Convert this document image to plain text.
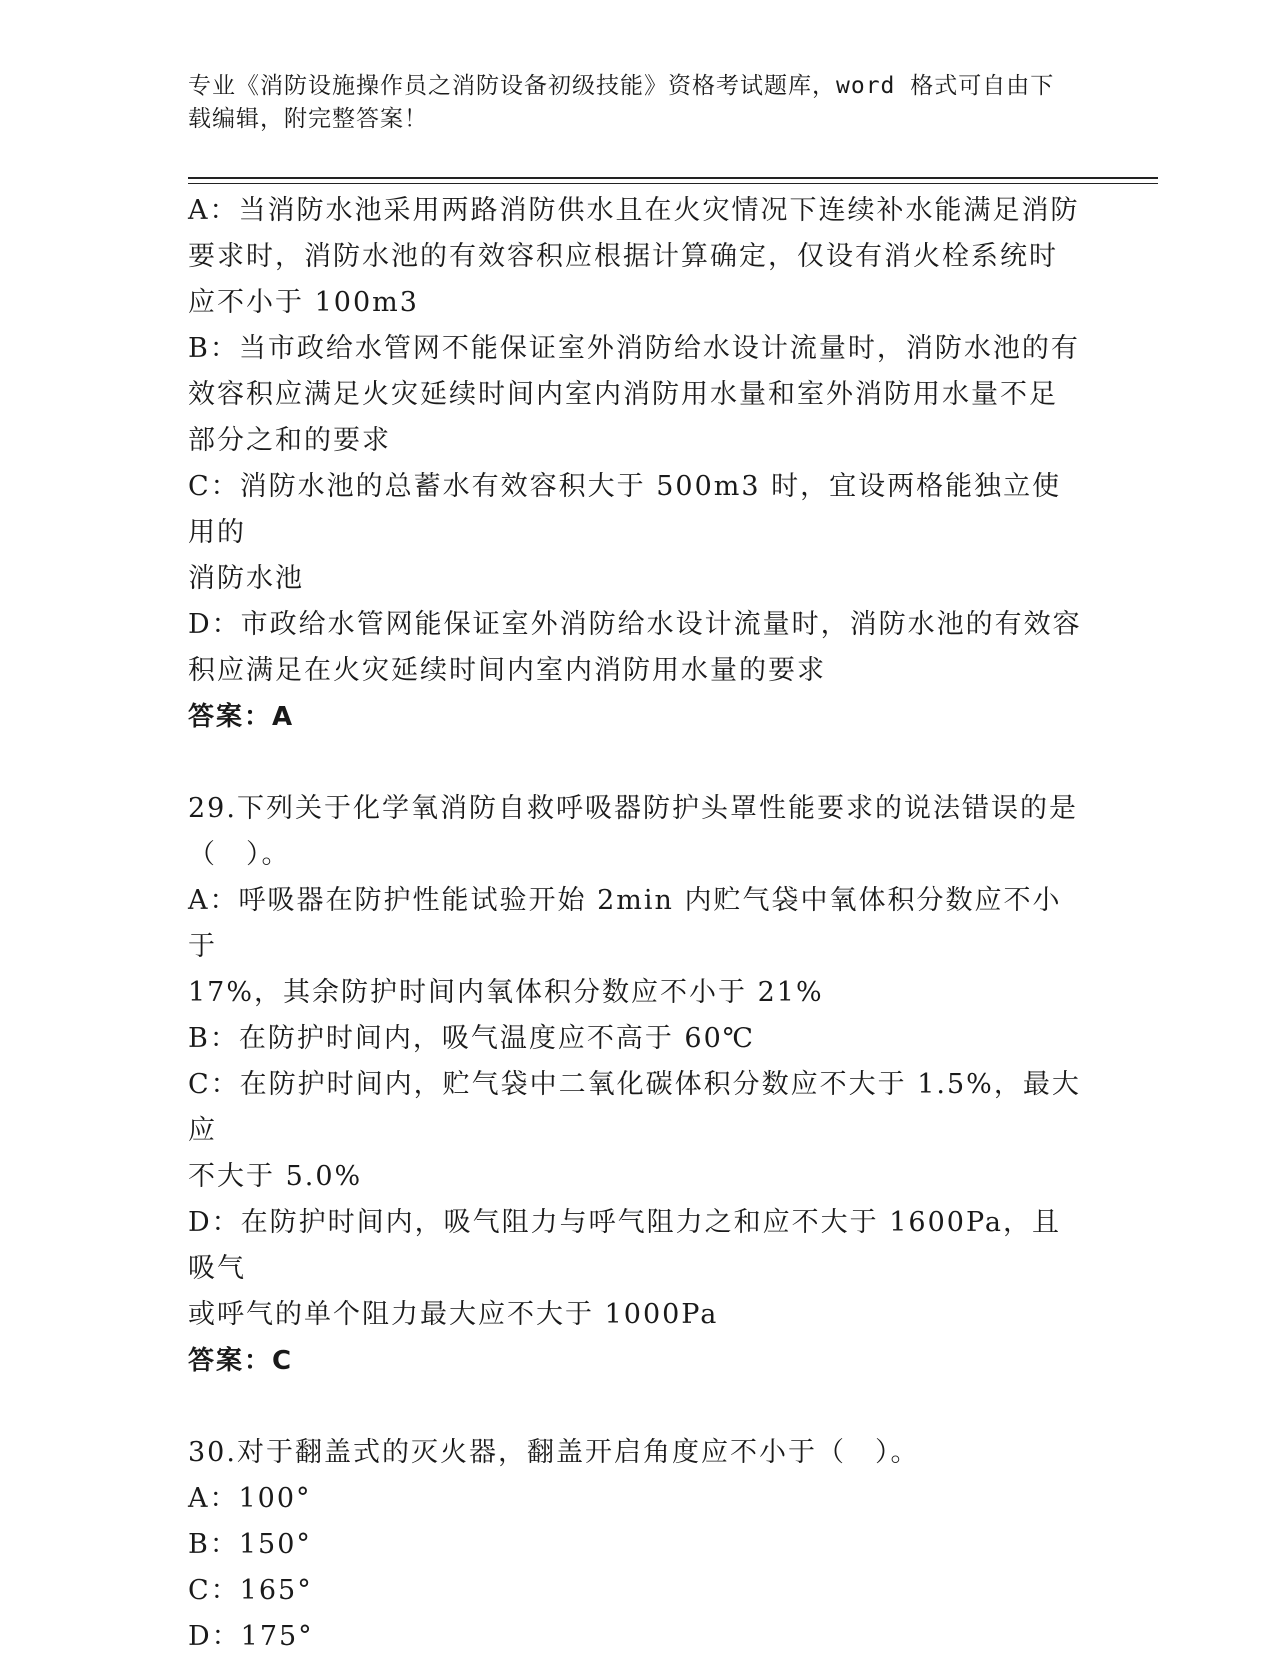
专业《消防设施操作员之消防设备初级技能》资格考试题库，word 格式可自由下
载编辑，附完整答案！
A：当消防水池采用两路消防供水且在火灾情况下连续补水能满足消防
要求时，消防水池的有效容积应根据计算确定，仅设有消火栓系统时
应不小于 100m3
B：当市政给水管网不能保证室外消防给水设计流量时，消防水池的有
效容积应满足火灾延续时间内室内消防用水量和室外消防用水量不足
部分之和的要求
C：消防水池的总蓄水有效容积大于 500m3 时，宜设两格能独立使用的
消防水池
D：市政给水管网能保证室外消防给水设计流量时，消防水池的有效容
积应满足在火灾延续时间内室内消防用水量的要求
答案：A
29.下列关于化学氧消防自救呼吸器防护头罩性能要求的说法错误的是
（　）。
A：呼吸器在防护性能试验开始 2min 内贮气袋中氧体积分数应不小于
17%，其余防护时间内氧体积分数应不小于 21%
B：在防护时间内，吸气温度应不高于 60℃
C：在防护时间内，贮气袋中二氧化碳体积分数应不大于 1.5%，最大应
不大于 5.0%
D：在防护时间内，吸气阻力与呼气阻力之和应不大于 1600Pa，且吸气
或呼气的单个阻力最大应不大于 1000Pa
答案：C
30.对于翻盖式的灭火器，翻盖开启角度应不小于（　）。
A：100°
B：150°
C：165°
D：175°
